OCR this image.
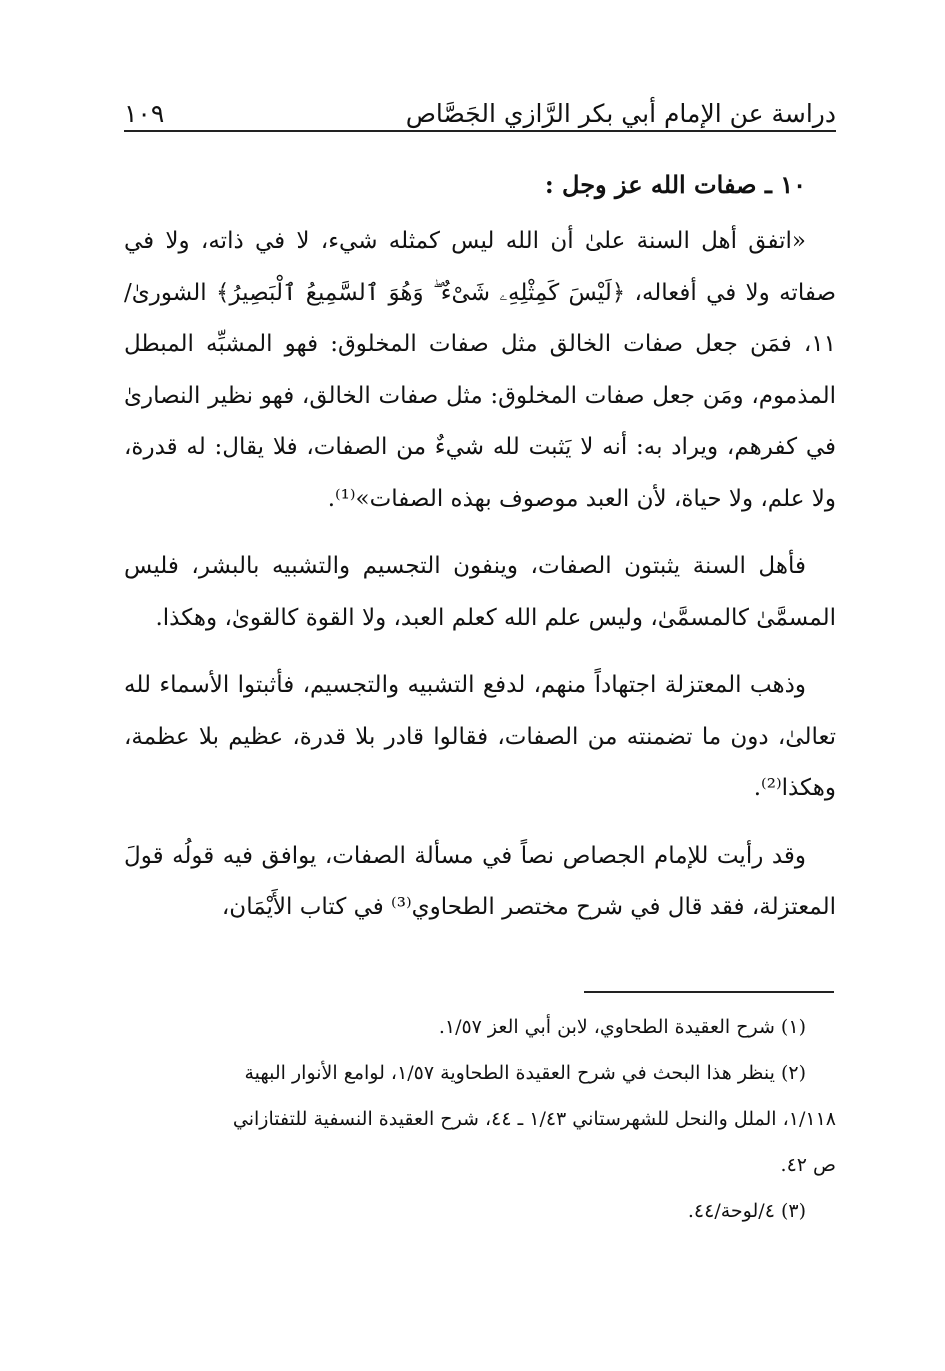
دراسة عن الإمام أبي بكر الرَّازي الجَصَّاص
١٠٩
١٠ ـ صفات الله عز وجل :

«اتفق أهل السنة علىٰ أن الله ليس كمثله شيء، لا في ذاته، ولا في صفاته ولا في أفعاله، ﴿لَيْسَ كَمِثْلِهِۦ شَىْءٌ ۖ وَهُوَ ٱلسَّمِيعُ ٱلْبَصِيرُ﴾ الشورىٰ/١١، فمَن جعل صفات الخالق مثل صفات المخلوق: فهو المشبِّه المبطل المذموم، ومَن جعل صفات المخلوق: مثل صفات الخالق، فهو نظير النصارىٰ في كفرهم، ويراد به: أنه لا يَثبت لله شيءٌ من الصفات، فلا يقال: له قدرة، ولا علم، ولا حياة، لأن العبد موصوف بهذه الصفات»⁽¹⁾.

فأهل السنة يثبتون الصفات، وينفون التجسيم والتشبيه بالبشر، فليس المسمَّىٰ كالمسمَّىٰ، وليس علم الله كعلم العبد، ولا القوة كالقوىٰ، وهكذا.

وذهب المعتزلة اجتهاداً منهم، لدفع التشبيه والتجسيم، فأثبتوا الأسماء لله تعالىٰ، دون ما تضمنته من الصفات، فقالوا قادر بلا قدرة، عظيم بلا عظمة، وهكذا⁽²⁾.

وقد رأيت للإمام الجصاص نصاً في مسألة الصفات، يوافق فيه قولُه قولَ المعتزلة، فقد قال في شرح مختصر الطحاوي⁽³⁾ في كتاب الأَيْمَان،

(١) شرح العقيدة الطحاوي، لابن أبي العز ١/٥٧.

(٢) ينظر هذا البحث في شرح العقيدة الطحاوية ١/٥٧، لوامع الأنوار البهية

١/١١٨، الملل والنحل للشهرستاني ١/٤٣ ـ ٤٤، شرح العقيدة النسفية للتفتازاني

ص ٤٢.

(٣) ٤/لوحة/٤٤.
